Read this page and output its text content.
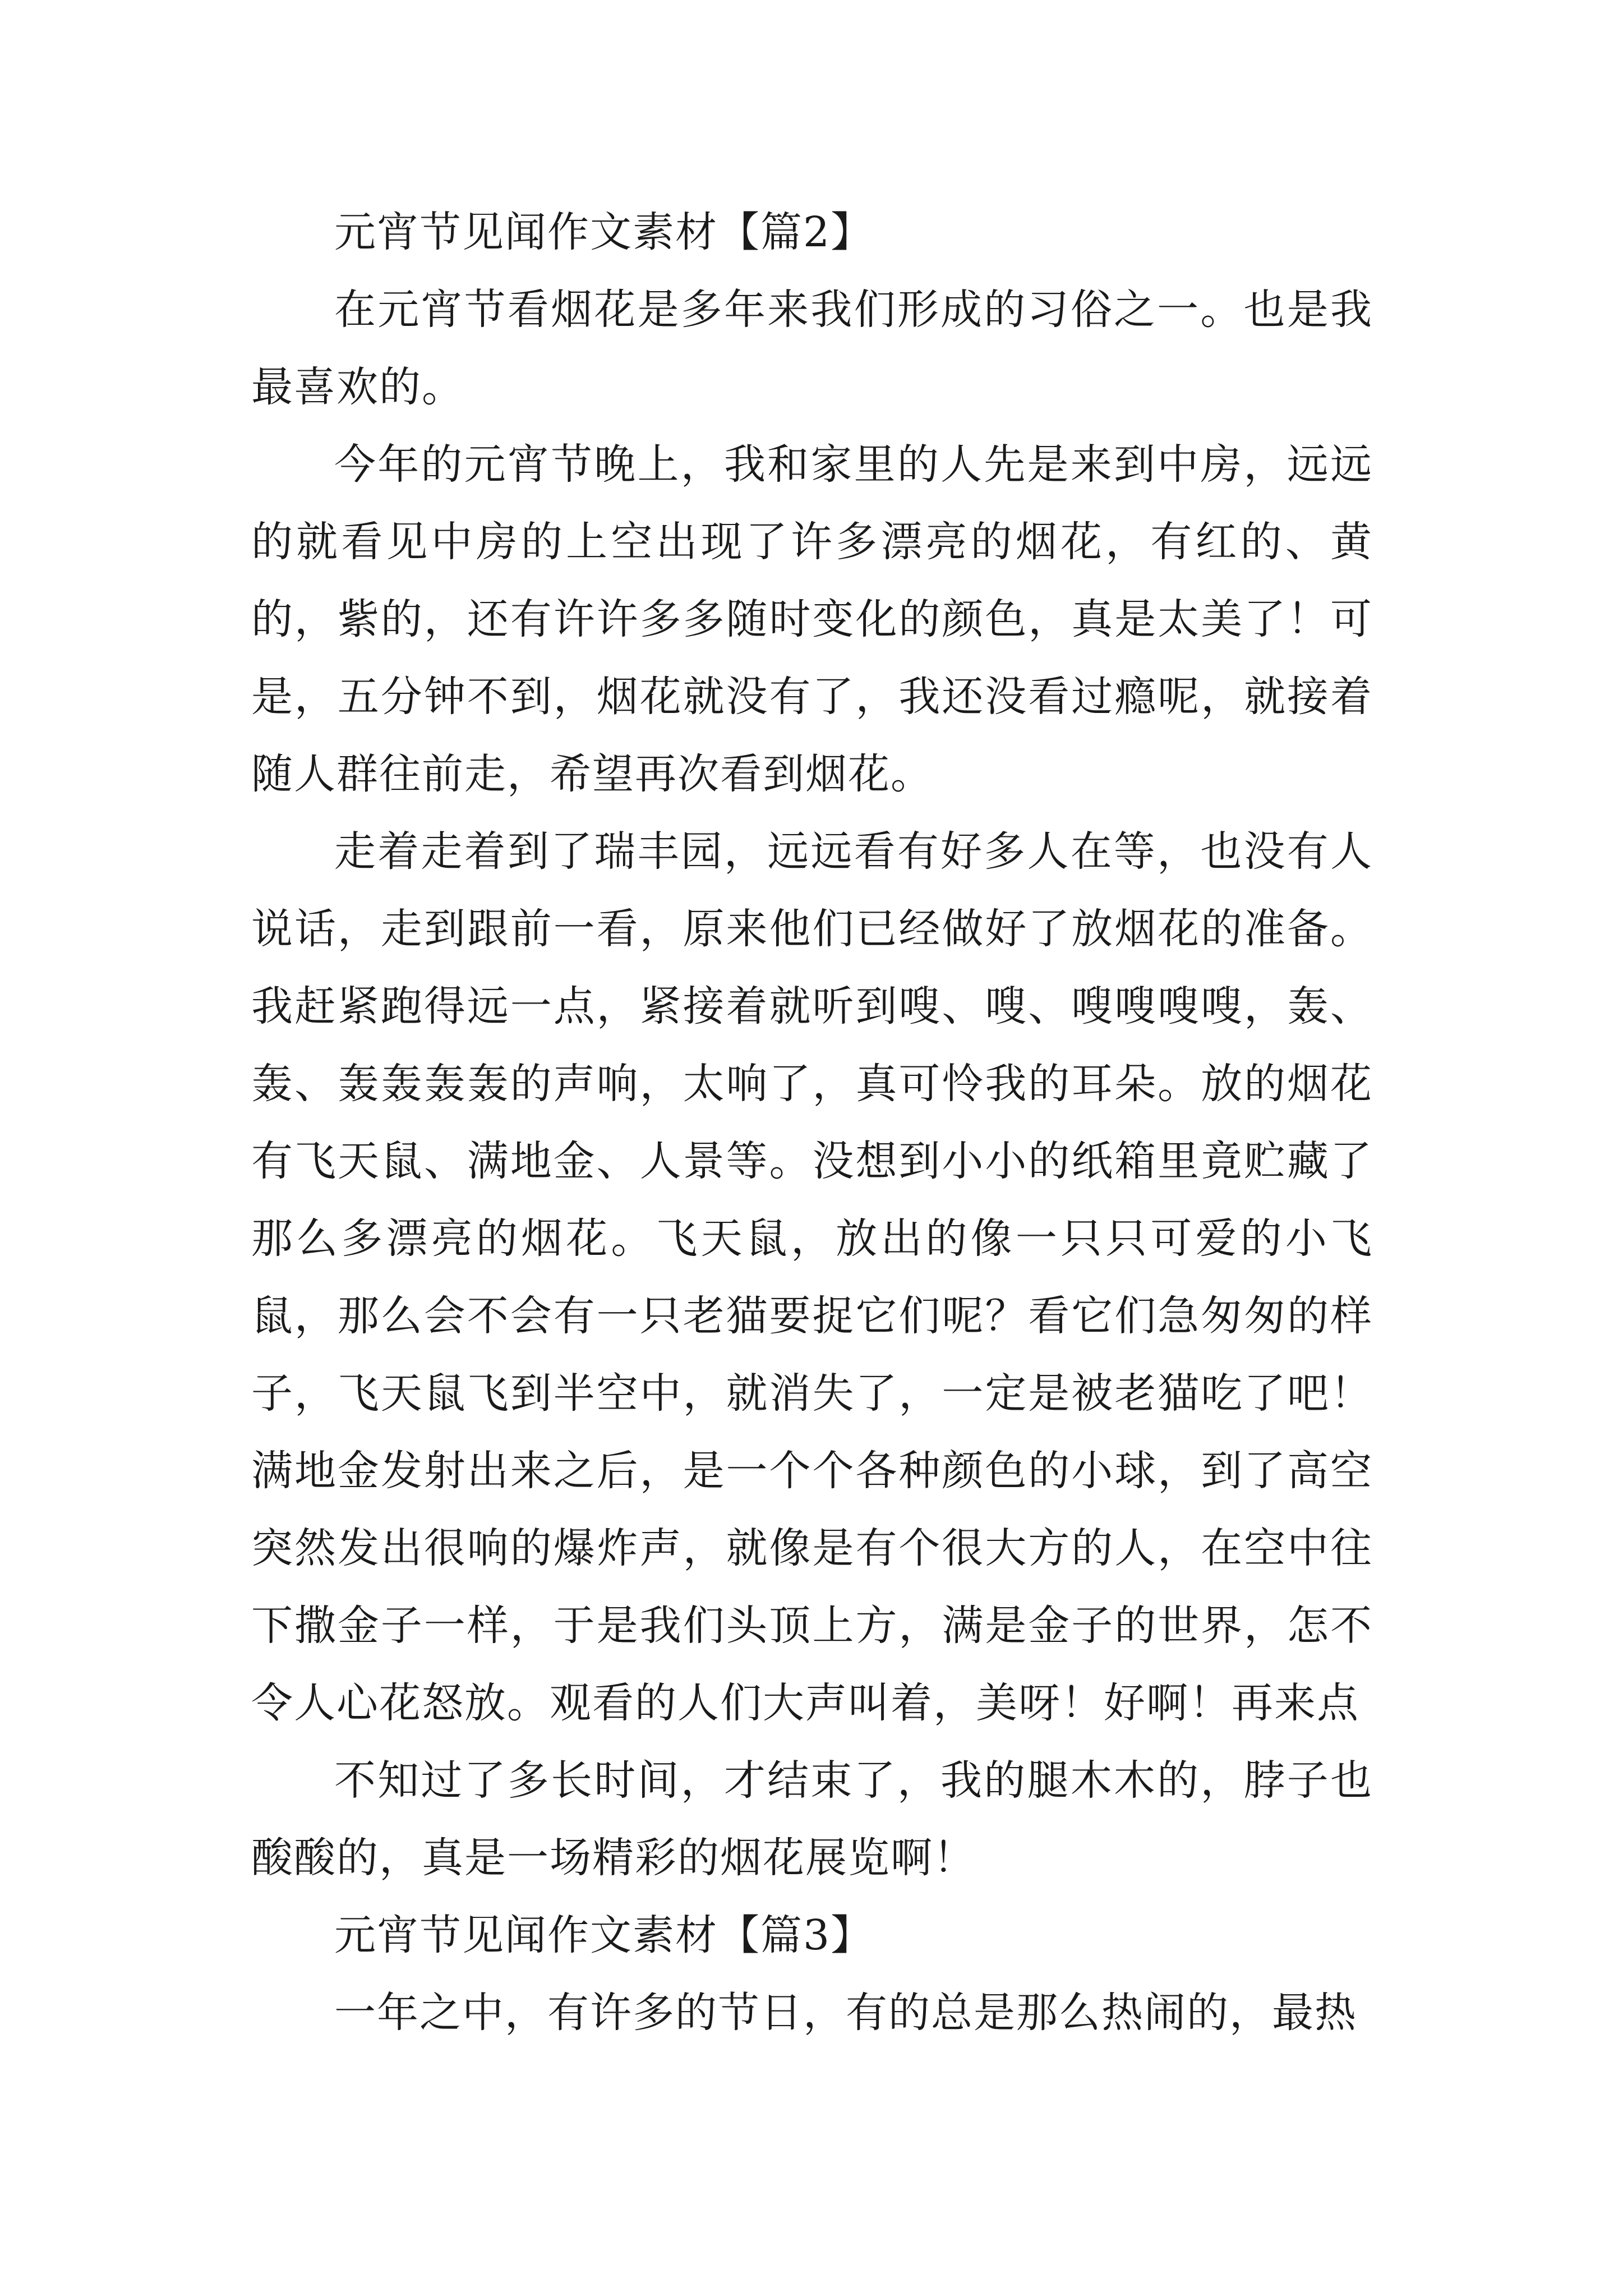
元宵节见闻作文素材【篇2】

在元宵节看烟花是多年来我们形成的习俗之一。也是我最喜欢的。

今年的元宵节晚上，我和家里的人先是来到中房，远远的就看见中房的上空出现了许多漂亮的烟花，有红的、黄的，紫的，还有许许多多随时变化的颜色，真是太美了！可是，五分钟不到，烟花就没有了，我还没看过瘾呢，就接着随人群往前走，希望再次看到烟花。

走着走着到了瑞丰园，远远看有好多人在等，也没有人说话，走到跟前一看，原来他们已经做好了放烟花的准备。我赶紧跑得远一点，紧接着就听到嗖、嗖、嗖嗖嗖嗖，轰、轰、轰轰轰轰的声响，太响了，真可怜我的耳朵。放的烟花有飞天鼠、满地金、人景等。没想到小小的纸箱里竟贮藏了那么多漂亮的烟花。飞天鼠，放出的像一只只可爱的小飞鼠，那么会不会有一只老猫要捉它们呢？看它们急匆匆的样子，飞天鼠飞到半空中，就消失了，一定是被老猫吃了吧！满地金发射出来之后，是一个个各种颜色的小球，到了高空突然发出很响的爆炸声，就像是有个很大方的人，在空中往下撒金子一样，于是我们头顶上方，满是金子的世界，怎不令人心花怒放。观看的人们大声叫着，美呀！好啊！再来点

不知过了多长时间，才结束了，我的腿木木的，脖子也酸酸的，真是一场精彩的烟花展览啊！

元宵节见闻作文素材【篇3】

一年之中，有许多的节日，有的总是那么热闹的，最热
